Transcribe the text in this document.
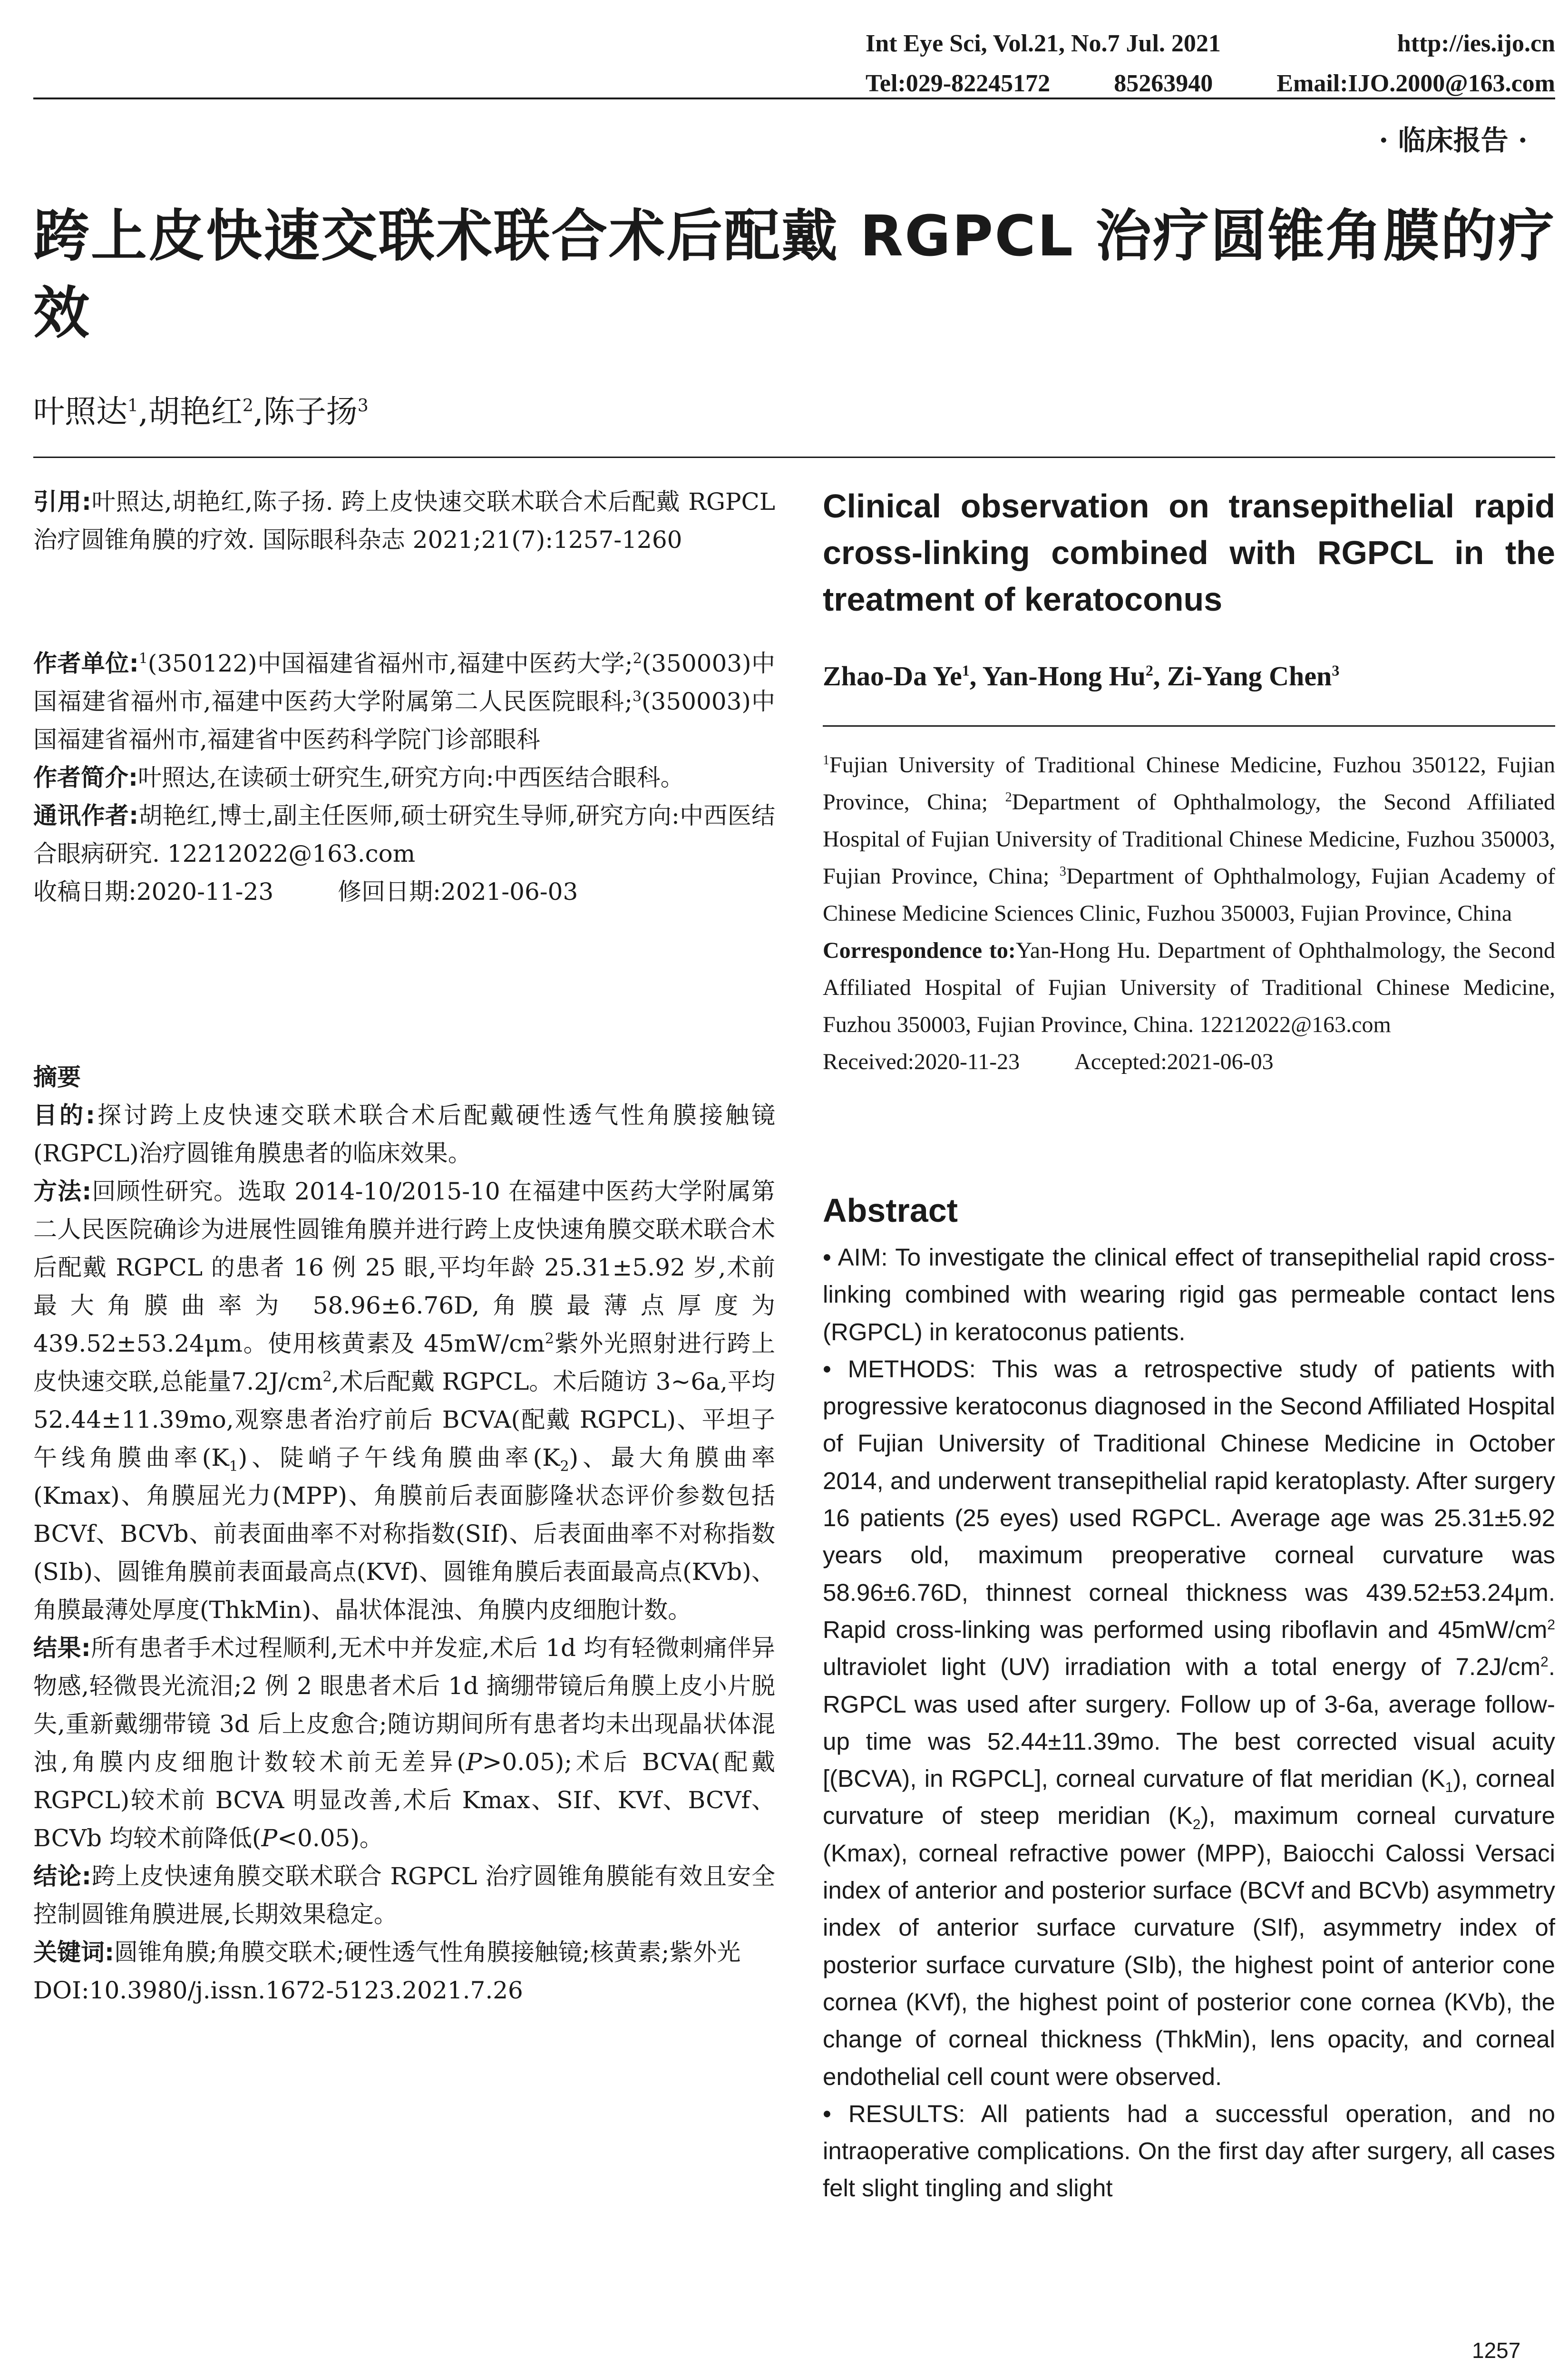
Int Eye Sci, Vol.21, No.7 Jul. 2021	http://ies.ijo.cn
Tel:029-82245172	85263940	Email:IJO.2000@163.com
· 临床报告 ·
跨上皮快速交联术联合术后配戴 RGPCL 治疗圆锥角膜的疗效
叶照达$^1$,胡艳红$^2$,陈子扬$^3$
引用:叶照达,胡艳红,陈子扬. 跨上皮快速交联术联合术后配戴 RGPCL 治疗圆锥角膜的疗效. 国际眼科杂志 2021;21(7):1257-1260
作者单位:$^1$(350122)中国福建省福州市,福建中医药大学;$^2$(350003)中国福建省福州市,福建中医药大学附属第二人民医院眼科;$^3$(350003)中国福建省福州市,福建省中医药科学院门诊部眼科
作者简介:叶照达,在读硕士研究生,研究方向:中西医结合眼科。
通讯作者:胡艳红,博士,副主任医师,硕士研究生导师,研究方向:中西医结合眼病研究. 12212022@163.com
收稿日期:2020-11-23	修回日期:2021-06-03
摘要
目的:探讨跨上皮快速交联术联合术后配戴硬性透气性角膜接触镜(RGPCL)治疗圆锥角膜患者的临床效果。
方法:回顾性研究。选取 2014-10/2015-10 在福建中医药大学附属第二人民医院确诊为进展性圆锥角膜并进行跨上皮快速角膜交联术联合术后配戴 RGPCL 的患者 16 例 25 眼,平均年龄 25.31±5.92 岁,术前最大角膜曲率为 58.96±6.76D,角膜最薄点厚度为 439.52±53.24μm。使用核黄素及 $45mW/cm^2$紫外光照射进行跨上皮快速交联,总能量$7.2J/cm^2$,术后配戴 RGPCL。术后随访 3~6a,平均 52.44±11.39mo,观察患者治疗前后 BCVA(配戴 RGPCL)、平坦子午线角膜曲率$(K_1)$、陡峭子午线角膜曲率$(K_2)$、最大角膜曲率(Kmax)、角膜屈光力(MPP)、角膜前后表面膨隆状态评价参数包括 BCVf、BCVb、前表面曲率不对称指数(SIf)、后表面曲率不对称指数(SIb)、圆锥角膜前表面最高点(KVf)、圆锥角膜后表面最高点(KVb)、角膜最薄处厚度(ThkMin)、晶状体混浊、角膜内皮细胞计数。
结果:所有患者手术过程顺利,无术中并发症,术后 1d 均有轻微刺痛伴异物感,轻微畏光流泪;2 例 2 眼患者术后 1d 摘绷带镜后角膜上皮小片脱失,重新戴绷带镜 3d 后上皮愈合;随访期间所有患者均未出现晶状体混浊,角膜内皮细胞计数较术前无差异(P>0.05);术后 BCVA(配戴 RGPCL)较术前 BCVA 明显改善,术后 Kmax、SIf、KVf、BCVf、BCVb 均较术前降低(P<0.05)。
结论:跨上皮快速角膜交联术联合 RGPCL 治疗圆锥角膜能有效且安全控制圆锥角膜进展,长期效果稳定。
关键词:圆锥角膜;角膜交联术;硬性透气性角膜接触镜;核黄素;紫外光
DOI:10.3980/j.issn.1672-5123.2021.7.26
Clinical observation on transepithelial rapid cross-linking combined with RGPCL in the treatment of keratoconus
Zhao-Da Ye$^1$, Yan-Hong Hu$^2$, Zi-Yang Chen$^3$
$^1$Fujian University of Traditional Chinese Medicine, Fuzhou 350122, Fujian Province, China; $^2$Department of Ophthalmology, the Second Affiliated Hospital of Fujian University of Traditional Chinese Medicine, Fuzhou 350003, Fujian Province, China; $^3$Department of Ophthalmology, Fujian Academy of Chinese Medicine Sciences Clinic, Fuzhou 350003, Fujian Province, China
Correspondence to:Yan-Hong Hu. Department of Ophthalmology, the Second Affiliated Hospital of Fujian University of Traditional Chinese Medicine, Fuzhou 350003, Fujian Province, China. 12212022@163.com
Received:2020-11-23 Accepted:2021-06-03
Abstract

• AIM: To investigate the clinical effect of transepithelial rapid cross-linking combined with wearing rigid gas permeable contact lens (RGPCL) in keratoconus patients.

• METHODS: This was a retrospective study of patients with progressive keratoconus diagnosed in the Second Affiliated Hospital of Fujian University of Traditional Chinese Medicine in October 2014, and underwent transepithelial rapid keratoplasty. After surgery 16 patients (25 eyes) used RGPCL. Average age was 25.31±5.92 years old, maximum preoperative corneal curvature was 58.96±6.76D, thinnest corneal thickness was 439.52±53.24μm. Rapid cross-linking was performed using riboflavin and $45mW/cm^2$ ultraviolet light (UV) irradiation with a total energy of $7.2J/cm^2$. RGPCL was used after surgery. Follow up of 3-6a, average follow-up time was 52.44±11.39mo. The best corrected visual acuity [(BCVA), in RGPCL], corneal curvature of flat meridian $(K_1)$, corneal curvature of steep meridian $(K_2)$, maximum corneal curvature (Kmax), corneal refractive power (MPP), Baiocchi Calossi Versaci index of anterior and posterior surface (BCVf and BCVb) asymmetry index of anterior surface curvature (SIf), asymmetry index of posterior surface curvature (SIb), the highest point of anterior cone cornea (KVf), the highest point of posterior cone cornea (KVb), the change of corneal thickness (ThkMin), lens opacity, and corneal endothelial cell count were observed.

• RESULTS: All patients had a successful operation, and no intraoperative complications. On the first day after surgery, all cases felt slight tingling and slight

1257
